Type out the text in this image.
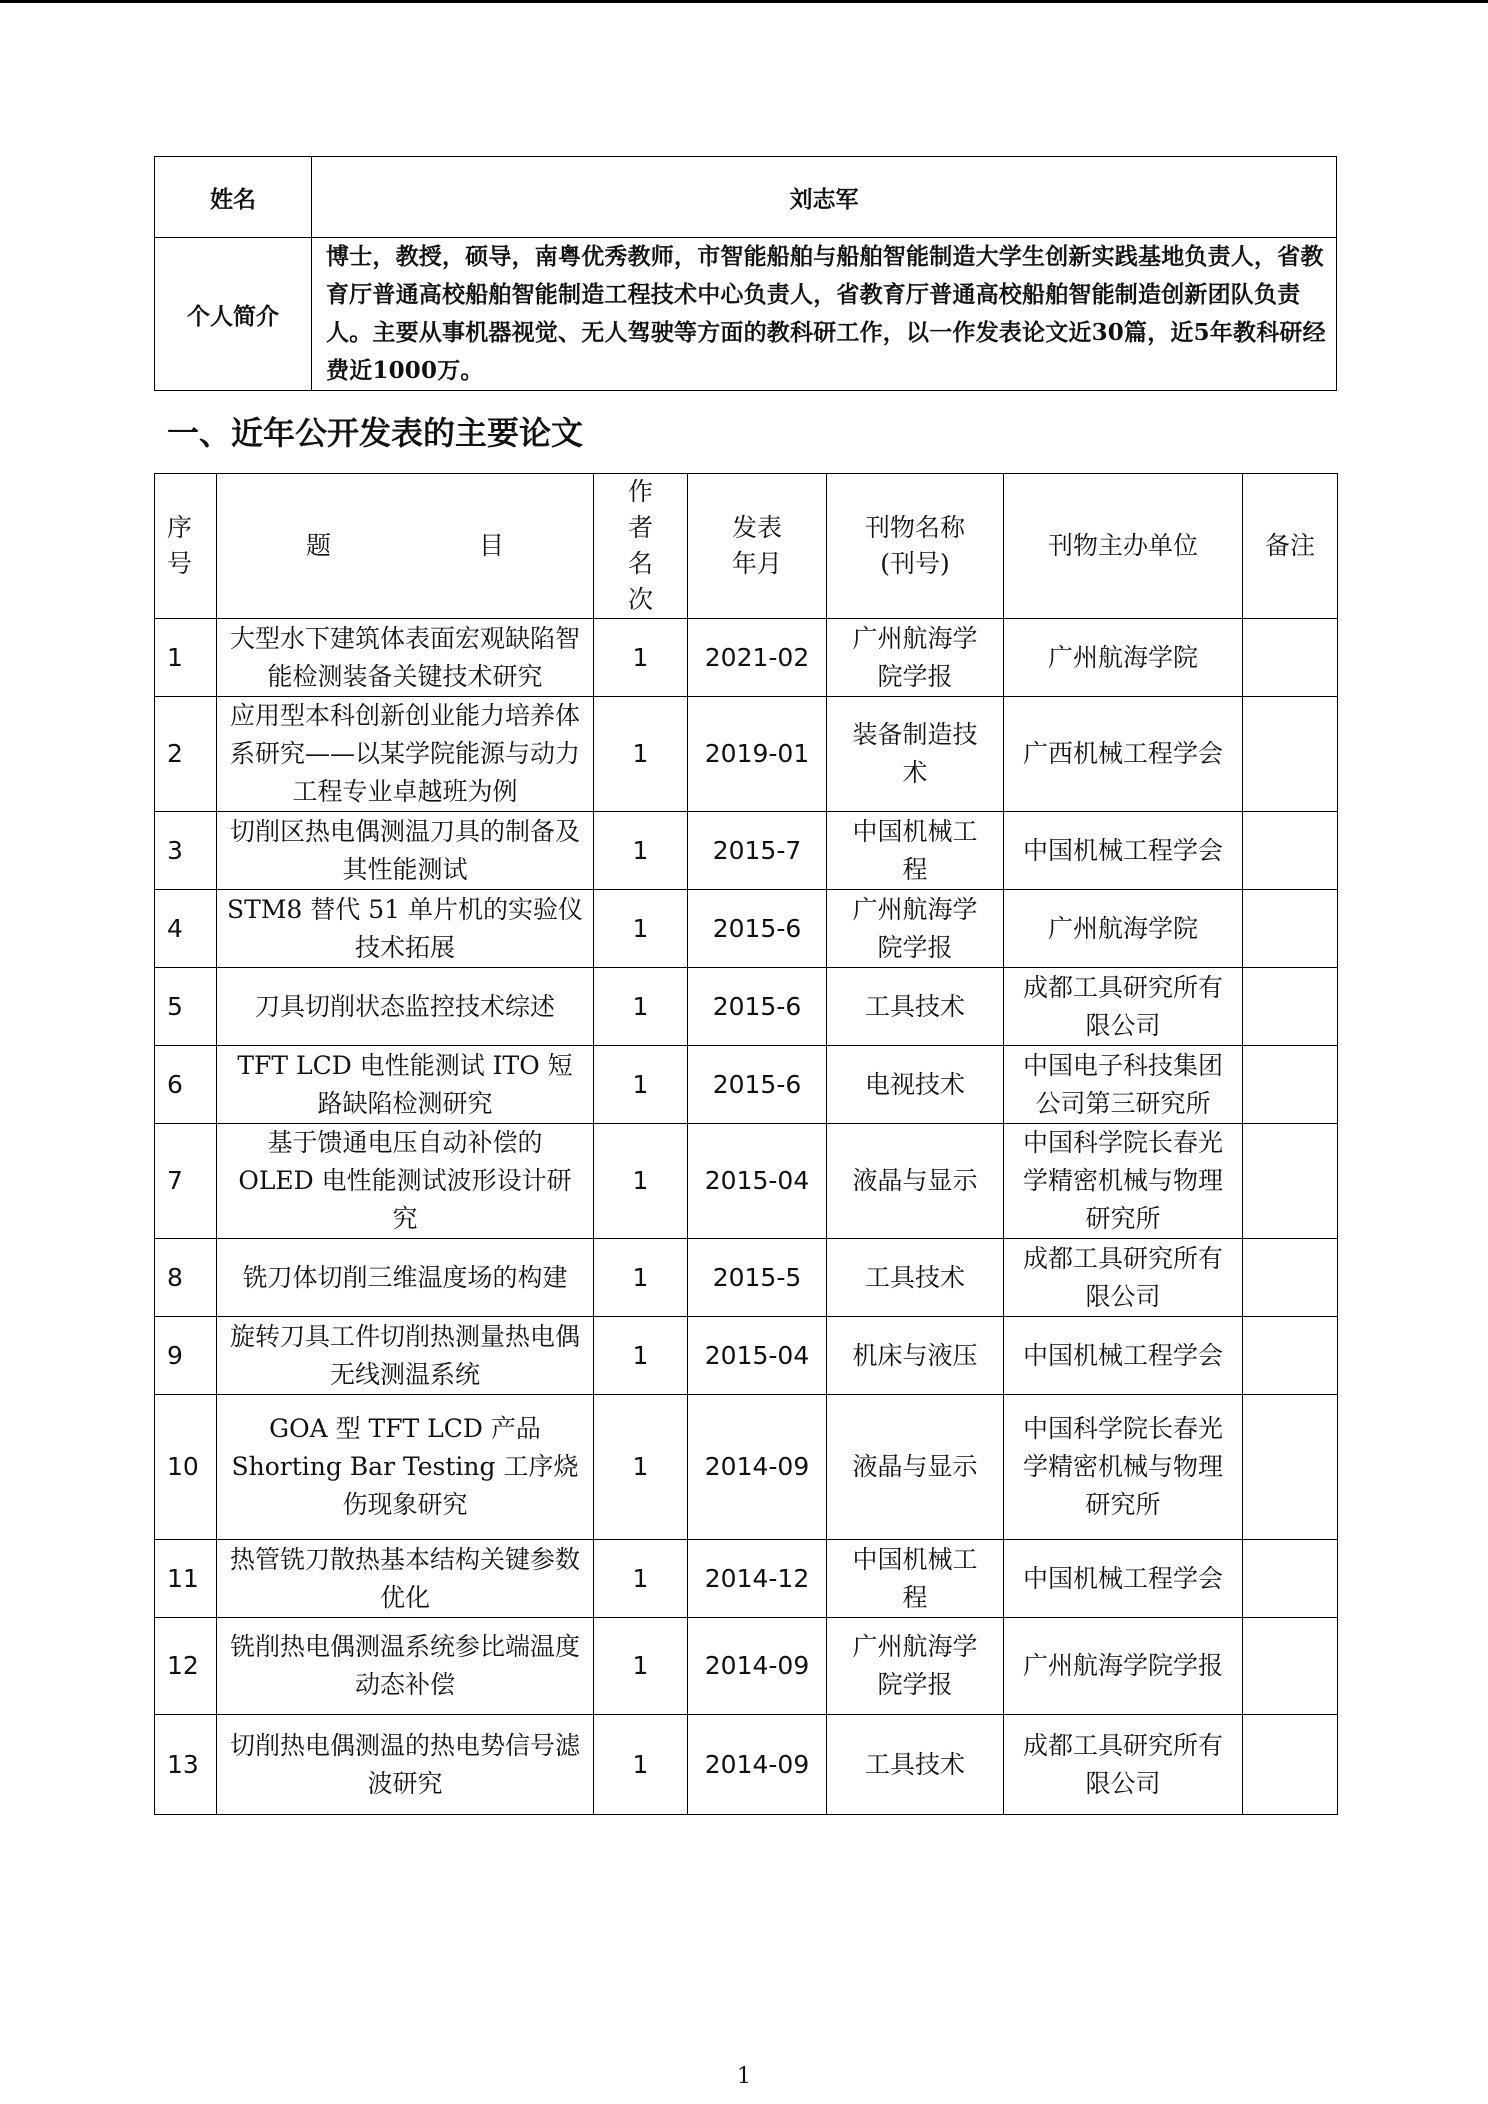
姓名	刘志军
个人简介	博士，教授，硕导，南粤优秀教师，市智能船舶与船舶智能制造大学生创新实践基地负责人，省教育厅普通高校船舶智能制造工程技术中心负责人，省教育厅普通高校船舶智能制造创新团队负责人。主要从事机器视觉、无人驾驶等方面的教科研工作，以一作发表论文近30篇，近5年教科研经费近1000万。
一、近年公开发表的主要论文
序号	题 目	作者名次	发表年月	刊物名称(刊号)	刊物主办单位	备注
1	大型水下建筑体表面宏观缺陷智能检测装备关键技术研究	1	2021-02	广州航海学院学报	广州航海学院	
2	应用型本科创新创业能力培养体系研究——以某学院能源与动力工程专业卓越班为例	1	2019-01	装备制造技术	广西机械工程学会	
3	切削区热电偶测温刀具的制备及其性能测试	1	2015-7	中国机械工程	中国机械工程学会	
4	STM8 替代 51 单片机的实验仪技术拓展	1	2015-6	广州航海学院学报	广州航海学院	
5	刀具切削状态监控技术综述	1	2015-6	工具技术	成都工具研究所有限公司	
6	TFT LCD 电性能测试 ITO 短路缺陷检测研究	1	2015-6	电视技术	中国电子科技集团公司第三研究所	
7	基于馈通电压自动补偿的 OLED 电性能测试波形设计研究	1	2015-04	液晶与显示	中国科学院长春光学精密机械与物理研究所	
8	铣刀体切削三维温度场的构建	1	2015-5	工具技术	成都工具研究所有限公司	
9	旋转刀具工件切削热测量热电偶无线测温系统	1	2015-04	机床与液压	中国机械工程学会	
10	GOA 型 TFT LCD 产品 Shorting Bar Testing 工序烧伤现象研究	1	2014-09	液晶与显示	中国科学院长春光学精密机械与物理研究所	
11	热管铣刀散热基本结构关键参数优化	1	2014-12	中国机械工程	中国机械工程学会	
12	铣削热电偶测温系统参比端温度动态补偿	1	2014-09	广州航海学院学报	广州航海学院学报	
13	切削热电偶测温的热电势信号滤波研究	1	2014-09	工具技术	成都工具研究所有限公司	
1
